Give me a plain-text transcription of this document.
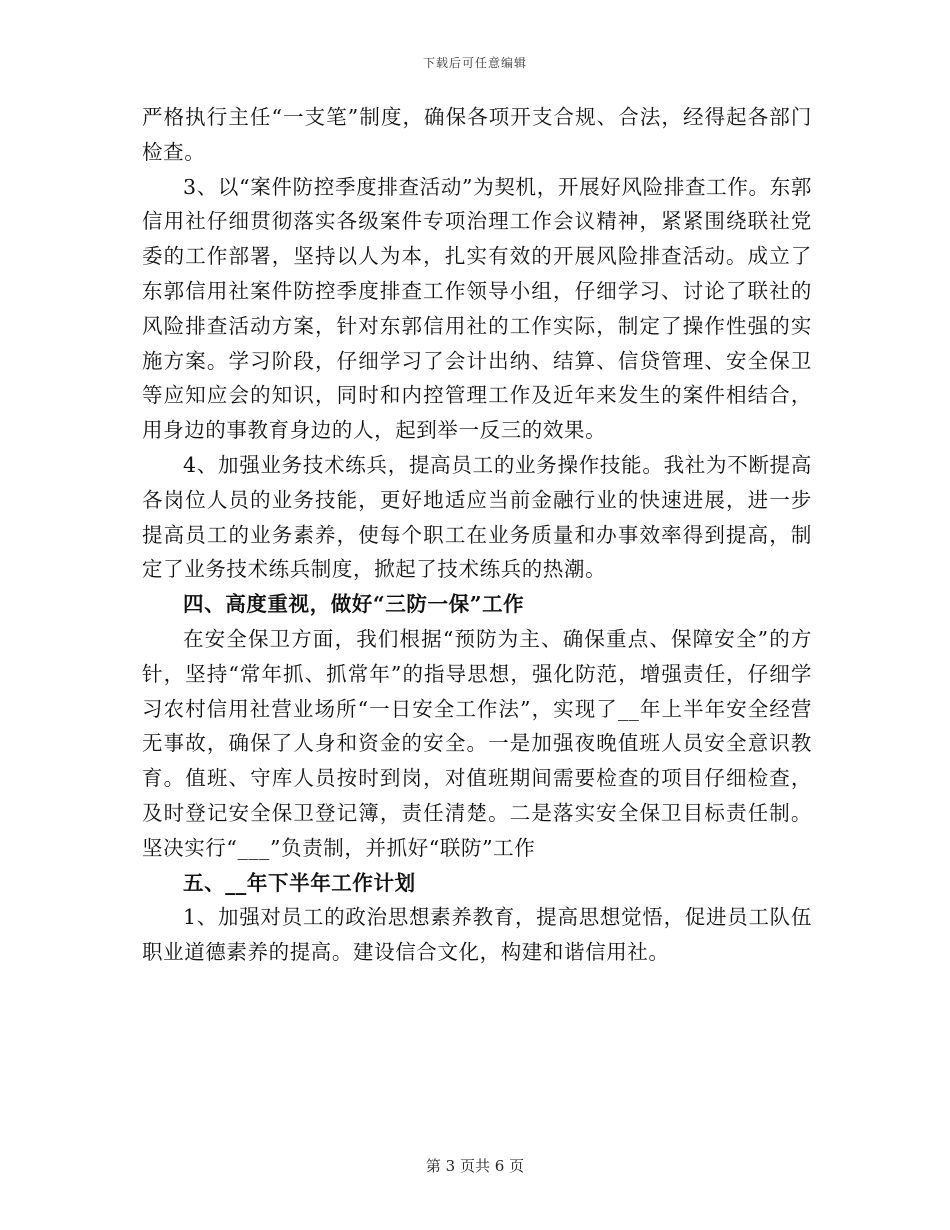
下载后可任意编辑

严格执行主任“一支笔”制度，确保各项开支合规、合法，经得起各部门检查。

3、以“案件防控季度排查活动”为契机，开展好风险排查工作。东郭信用社仔细贯彻落实各级案件专项治理工作会议精神，紧紧围绕联社党委的工作部署，坚持以人为本，扎实有效的开展风险排查活动。成立了东郭信用社案件防控季度排查工作领导小组，仔细学习、讨论了联社的风险排查活动方案，针对东郭信用社的工作实际，制定了操作性强的实施方案。学习阶段，仔细学习了会计出纳、结算、信贷管理、安全保卫等应知应会的知识，同时和内控管理工作及近年来发生的案件相结合，用身边的事教育身边的人，起到举一反三的效果。

4、加强业务技术练兵，提高员工的业务操作技能。我社为不断提高各岗位人员的业务技能，更好地适应当前金融行业的快速进展，进一步提高员工的业务素养，使每个职工在业务质量和办事效率得到提高，制定了业务技术练兵制度，掀起了技术练兵的热潮。

四、高度重视，做好“三防一保”工作

在安全保卫方面，我们根据“预防为主、确保重点、保障安全”的方针，坚持“常年抓、抓常年”的指导思想，强化防范，增强责任，仔细学习农村信用社营业场所“一日安全工作法”，实现了__年上半年安全经营无事故，确保了人身和资金的安全。一是加强夜晚值班人员安全意识教育。值班、守库人员按时到岗，对值班期间需要检查的项目仔细检查，及时登记安全保卫登记簿，责任清楚。二是落实安全保卫目标责任制。坚决实行“___”负责制，并抓好“联防”工作

五、__年下半年工作计划

1、加强对员工的政治思想素养教育，提高思想觉悟，促进员工队伍职业道德素养的提高。建设信合文化，构建和谐信用社。

第 3 页共 6 页
